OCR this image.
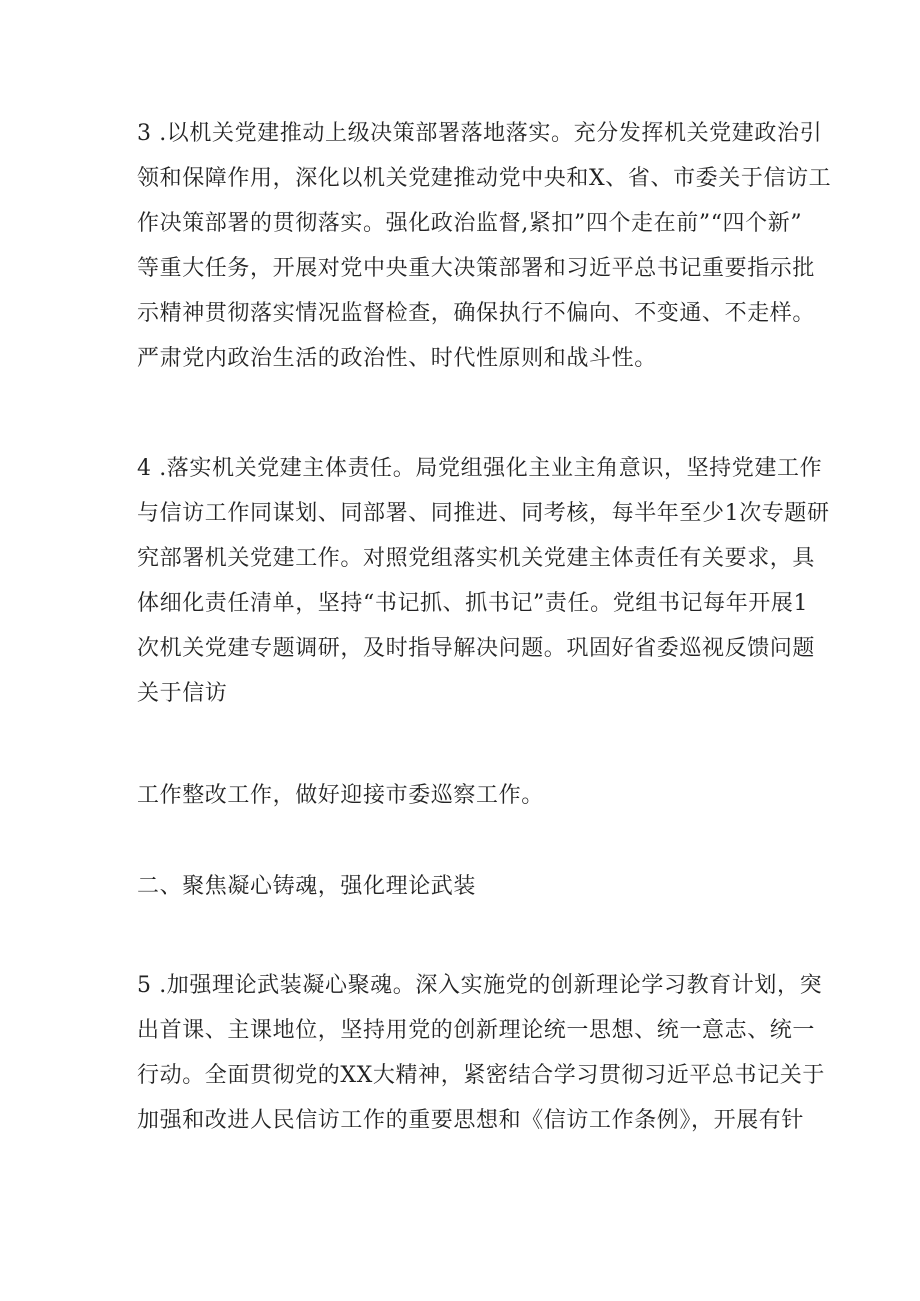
3 .以机关党建推动上级决策部署落地落实。充分发挥机关党建政治引
领和保障作用，深化以机关党建推动党中央和X、省、市委关于信访工
作决策部署的贯彻落实。强化政治监督,紧扣”四个走在前”“四个新”
等重大任务，开展对党中央重大决策部署和习近平总书记重要指示批
示精神贯彻落实情况监督检查，确保执行不偏向、不变通、不走样。
严肃党内政治生活的政治性、时代性原则和战斗性。
4 .落实机关党建主体责任。局党组强化主业主角意识，坚持党建工作
与信访工作同谋划、同部署、同推进、同考核，每半年至少1次专题研
究部署机关党建工作。对照党组落实机关党建主体责任有关要求，具
体细化责任清单，坚持“书记抓、抓书记”责任。党组书记每年开展1
次机关党建专题调研，及时指导解决问题。巩固好省委巡视反馈问题
关于信访
工作整改工作，做好迎接市委巡察工作。
二、聚焦凝心铸魂，强化理论武装
5 .加强理论武装凝心聚魂。深入实施党的创新理论学习教育计划，突
出首课、主课地位，坚持用党的创新理论统一思想、统一意志、统一
行动。全面贯彻党的XX大精神，紧密结合学习贯彻习近平总书记关于
加强和改进人民信访工作的重要思想和《信访工作条例》，开展有针
